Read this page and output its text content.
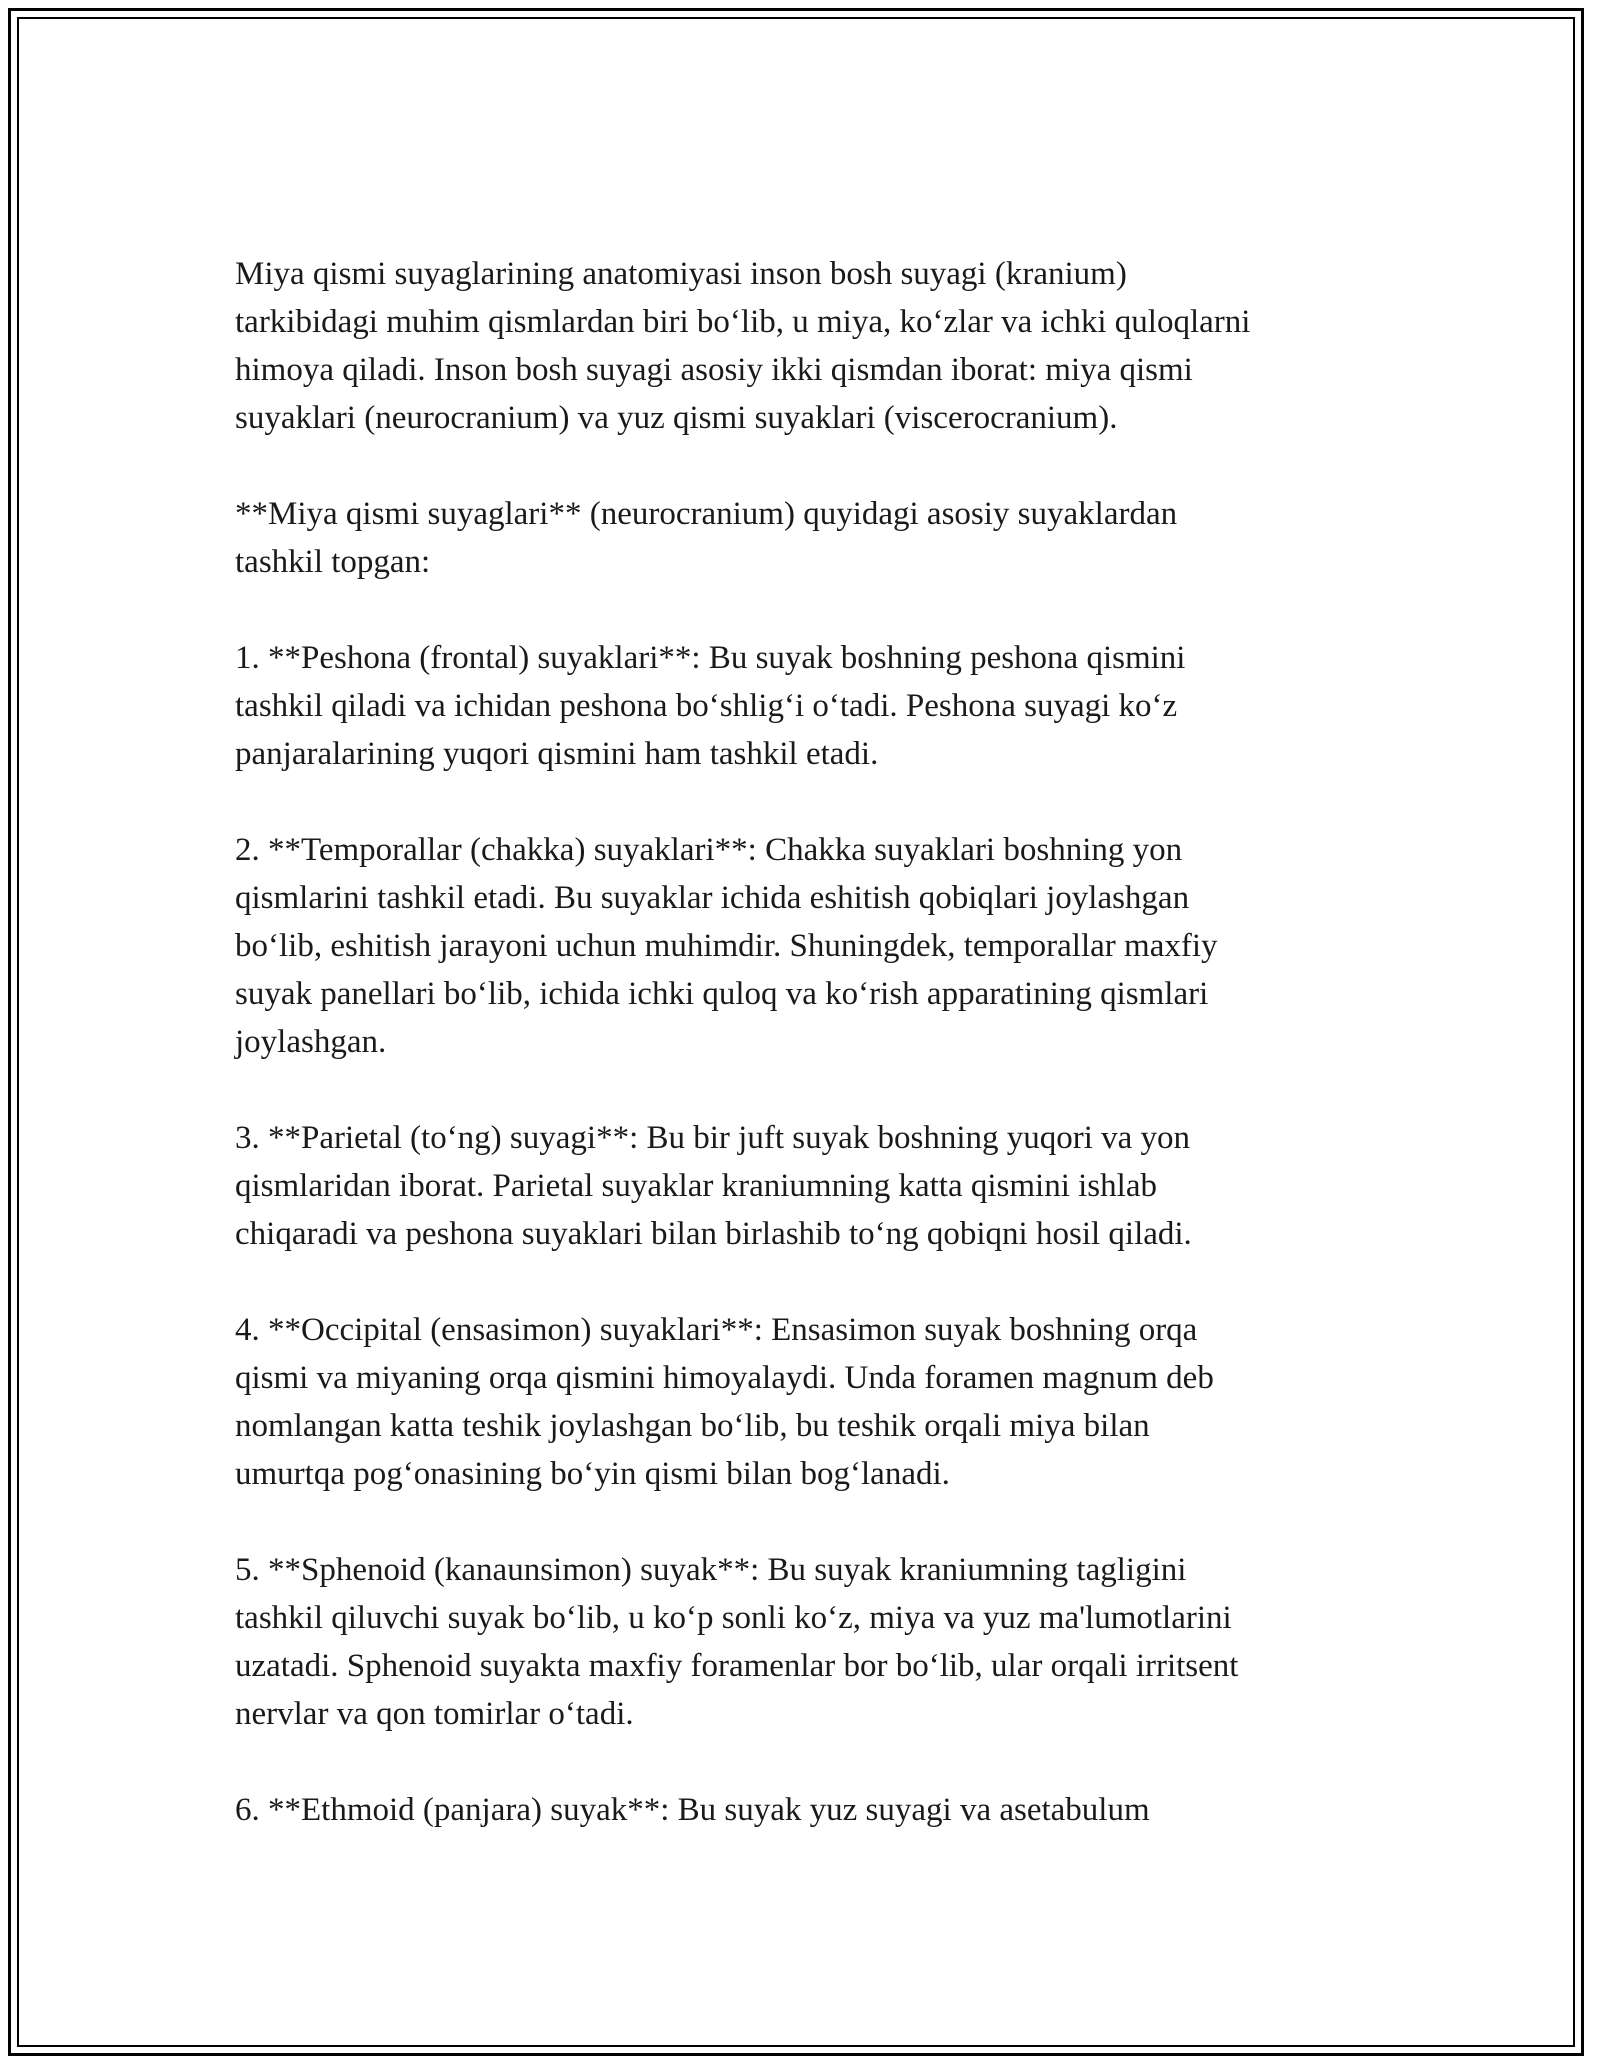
Miya qismi suyaglarining anatomiyasi inson bosh suyagi (kranium)
tarkibidagi muhim qismlardan biri bo‘lib, u miya, ko‘zlar va ichki quloqlarni
himoya qiladi. Inson bosh suyagi asosiy ikki qismdan iborat: miya qismi
suyaklari (neurocranium) va yuz qismi suyaklari (viscerocranium).

**Miya qismi suyaglari** (neurocranium) quyidagi asosiy suyaklardan
tashkil topgan:

1. **Peshona (frontal) suyaklari**: Bu suyak boshning peshona qismini
tashkil qiladi va ichidan peshona bo‘shlig‘i o‘tadi. Peshona suyagi ko‘z
panjaralarining yuqori qismini ham tashkil etadi.

2. **Temporallar (chakka) suyaklari**: Chakka suyaklari boshning yon
qismlarini tashkil etadi. Bu suyaklar ichida eshitish qobiqlari joylashgan
bo‘lib, eshitish jarayoni uchun muhimdir. Shuningdek, temporallar maxfiy
suyak panellari bo‘lib, ichida ichki quloq va ko‘rish apparatining qismlari
joylashgan.

3. **Parietal (to‘ng) suyagi**: Bu bir juft suyak boshning yuqori va yon
qismlaridan iborat. Parietal suyaklar kraniumning katta qismini ishlab
chiqaradi va peshona suyaklari bilan birlashib to‘ng qobiqni hosil qiladi.

4. **Occipital (ensasimon) suyaklari**: Ensasimon suyak boshning orqa
qismi va miyaning orqa qismini himoyalaydi. Unda foramen magnum deb
nomlangan katta teshik joylashgan bo‘lib, bu teshik orqali miya bilan
umurtqa pog‘onasining bo‘yin qismi bilan bog‘lanadi.

5. **Sphenoid (kanaunsimon) suyak**: Bu suyak kraniumning tagligini
tashkil qiluvchi suyak bo‘lib, u ko‘p sonli ko‘z, miya va yuz ma'lumotlarini
uzatadi. Sphenoid suyakta maxfiy foramenlar bor bo‘lib, ular orqali irritsent
nervlar va qon tomirlar o‘tadi.

6. **Ethmoid (panjara) suyak**: Bu suyak yuz suyagi va asetabulum
